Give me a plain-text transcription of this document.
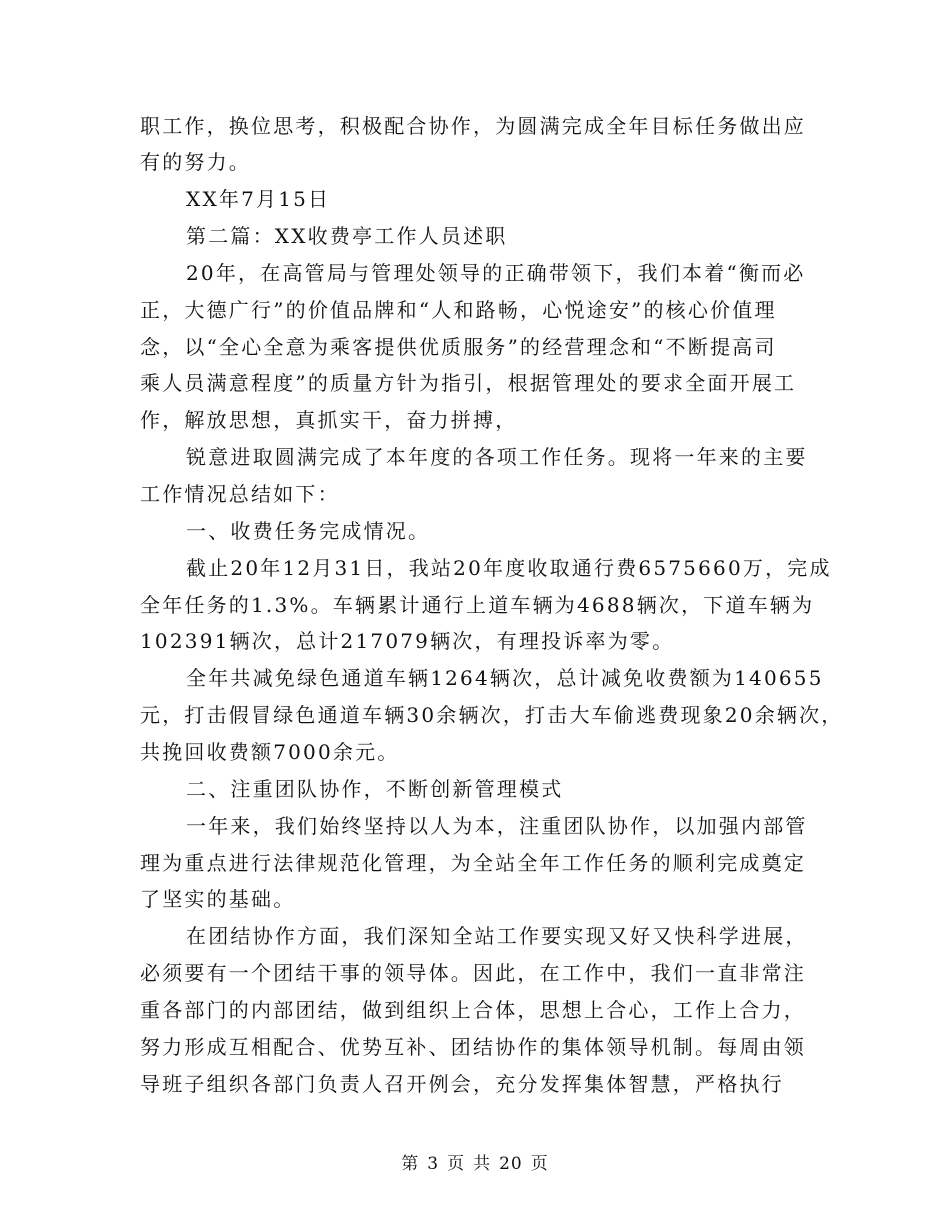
职工作，换位思考，积极配合协作，为圆满完成全年目标任务做出应
有的努力。
XX年7月15日
第二篇：XX收费亭工作人员述职
20年，在高管局与管理处领导的正确带领下，我们本着“衡而必
正，大德广行”的价值品牌和“人和路畅，心悦途安”的核心价值理
念，以“全心全意为乘客提供优质服务”的经营理念和“不断提高司
乘人员满意程度”的质量方针为指引，根据管理处的要求全面开展工
作，解放思想，真抓实干，奋力拼搏，
锐意进取圆满完成了本年度的各项工作任务。现将一年来的主要
工作情况总结如下：
一、收费任务完成情况。
截止20年12月31日，我站20年度收取通行费6575660万，完成
全年任务的1.3%。车辆累计通行上道车辆为4688辆次，下道车辆为
102391辆次，总计217079辆次，有理投诉率为零。
全年共减免绿色通道车辆1264辆次，总计减免收费额为140655
元，打击假冒绿色通道车辆30余辆次，打击大车偷逃费现象20余辆次，
共挽回收费额7000余元。
二、注重团队协作，不断创新管理模式
一年来，我们始终坚持以人为本，注重团队协作，以加强内部管
理为重点进行法律规范化管理，为全站全年工作任务的顺利完成奠定
了坚实的基础。
在团结协作方面，我们深知全站工作要实现又好又快科学进展，
必须要有一个团结干事的领导体。因此，在工作中，我们一直非常注
重各部门的内部团结，做到组织上合体，思想上合心，工作上合力，
努力形成互相配合、优势互补、团结协作的集体领导机制。每周由领
导班子组织各部门负责人召开例会，充分发挥集体智慧，严格执行
第 3 页 共 20 页
